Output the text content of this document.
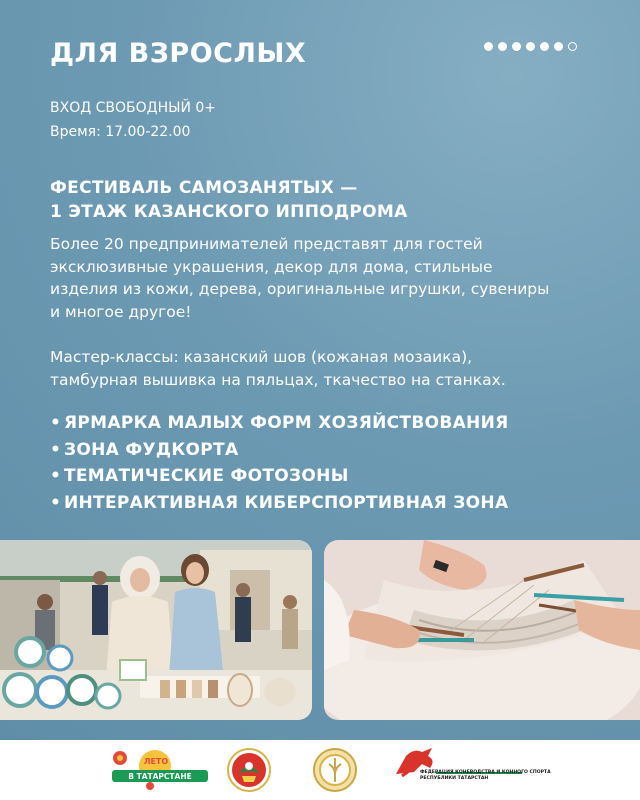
ДЛЯ ВЗРОСЛЫХ
ВХОД СВОБОДНЫЙ 0+
Время: 17.00-22.00
ФЕСТИВАЛЬ САМОЗАНЯТЫХ —
1 ЭТАЖ КАЗАНСКОГО ИППОДРОМА
Более 20 предпринимателей представят для гостей
эксклюзивные украшения, декор для дома, стильные
изделия из кожи, дерева, оригинальные игрушки, сувениры
и многое другое!
Мастер-классы: казанский шов (кожаная мозаика),
тамбурная вышивка на пяльцах, ткачество на станках.
• ЯРМАРКА МАЛЫХ ФОРМ ХОЗЯЙСТВОВАНИЯ
• ЗОНА ФУДКОРТА
• ТЕМАТИЧЕСКИЕ ФОТОЗОНЫ
• ИНТЕРАКТИВНАЯ КИБЕРСПОРТИВНАЯ ЗОНА
ЛЕТО
В ТАТАРСТАНЕ	ФЕДЕРАЦИЯ КОНЕВОДСТВА И КОННОГО СПОРТА
РЕСПУБЛИКИ ТАТАРСТАН
